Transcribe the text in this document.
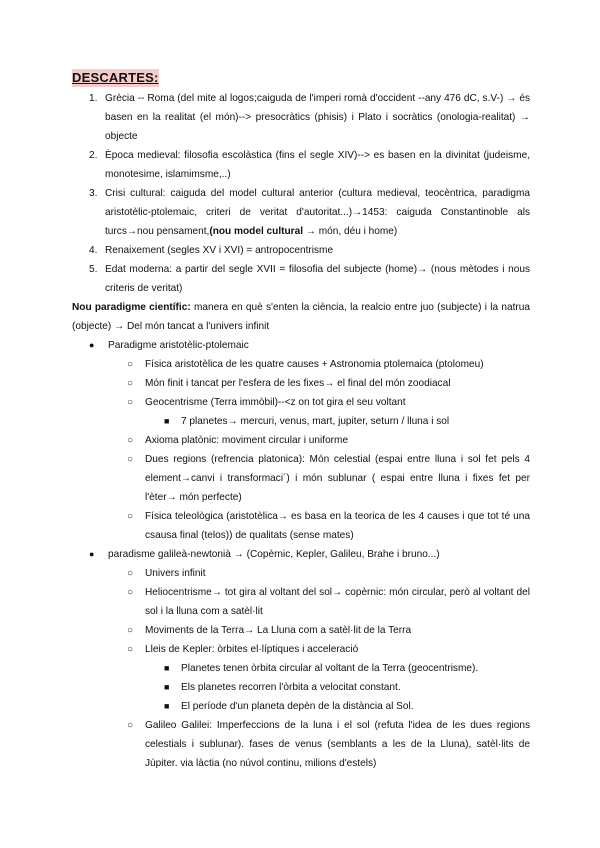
DESCARTES:
1. Grècia -- Roma (del mite al logos;caiguda de l'imperi romà d'occident --any 476 dC, s.V-) → és basen en la realitat (el món)--> presocràtics (phisis) i Plato i socràtics (onologia-realitat) → objecte
2. Època medieval: filosofia escolàstica (fins el segle XIV)--> es basen en la divinitat (judeisme, monotesime, islamimsme,..)
3. Crisi cultural: caiguda del model cultural anterior (cultura medieval, teocèntrica, paradigma aristotèlic-ptolemaic, criteri de veritat d'autoritat...)→1453: caiguda Constantinoble als turcs→nou pensament,(nou model cultural → món, déu i home)
4. Renaixement (segles XV i XVI) = antropocentrisme
5. Edat moderna: a partir del segle XVII = filosofia del subjecte (home)→ (nous mètodes i nous criteris de veritat)
Nou paradigme científic: manera en què s'enten la ciència, la realcio entre juo (subjecte) i la natrua (objecte) → Del món tancat a l'univers infinit
● Paradigme aristotèlic-ptolemaic
○ Física aristotèlica de les quatre causes + Astronomia ptolemaica (ptolomeu)
○ Món finit i tancat per l'esfera de les fixes→ el final del món zoodiacal
○ Geocentrisme (Terra immòbil)--<z on tot gira el seu voltant
■ 7 planetes→ mercuri, venus, mart, jupiter, seturn / lluna i sol
○ Axioma platònic: moviment circular i uniforme
○ Dues regions (refrencia platonica): Món celestial (espai entre lluna i sol fet pels 4 element→canvi i transformaci´) i món sublunar ( espai entre lluna i fixes fet per l'èter→ món perfecte)
○ Física teleològica (aristotèlica→ es basa en la teorica de les 4 causes i que tot té una csausa final (telos)) de qualitats (sense mates)
● paradisme galileà-newtonià → (Copèrnic, Kepler, Galileu, Brahe i bruno...)
○ Univers infinit
○ Heliocentrisme→ tot gira al voltant del sol→ copèrnic: món circular, però al voltant del sol i la lluna com a satèl·lit
○ Moviments de la Terra→ La Lluna com a satèl·lit de la Terra
○ Lleis de Kepler: òrbites el·líptiques i acceleració
■ Planetes tenen òrbita circular al voltant de la Terra (geocentrisme).
■ Els planetes recorren l'òrbita a velocitat constant.
■ El període d'un planeta depèn de la distància al Sol.
○ Galileo Galilei: Imperfeccions de la luna i el sol (refuta l'idea de les dues regions celestials i sublunar). fases de venus (semblants a les de la Lluna), satèl·lits de Júpiter. via làctia (no núvol continu, milions d'estels)
